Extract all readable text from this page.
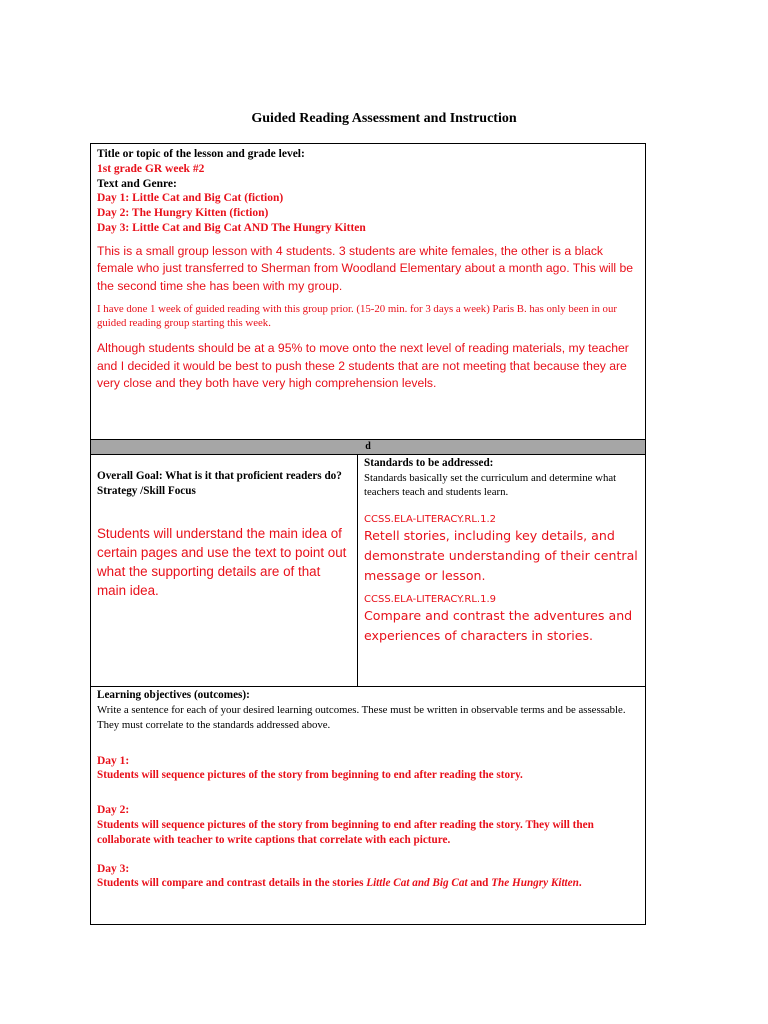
Guided Reading Assessment and Instruction
Title or topic of the lesson and grade level:
1st grade GR week #2
Text and Genre:
Day 1: Little Cat and Big Cat (fiction)
Day 2: The Hungry Kitten (fiction)
Day 3: Little Cat and Big Cat AND The Hungry Kitten
This is a small group lesson with 4 students. 3 students are white females, the other is a black female who just transferred to Sherman from Woodland Elementary about a month ago. This will be the second time she has been with my group.
I have done 1 week of guided reading with this group prior. (15-20 min. for 3 days a week) Paris B. has only been in our guided reading group starting this week.
Although students should be at a 95% to move onto the next level of reading materials, my teacher and I decided it would be best to push these 2 students that are not meeting that because they are very close and they both have very high comprehension levels.
d
Overall Goal: What is it that proficient readers do? Strategy /Skill Focus
Students will understand the main idea of certain pages and use the text to point out what the supporting details are of that main idea.
Standards to be addressed:
Standards basically set the curriculum and determine what teachers teach and students learn.
CCSS.ELA-LITERACY.RL.1.2
Retell stories, including key details, and demonstrate understanding of their central message or lesson.
CCSS.ELA-LITERACY.RL.1.9
Compare and contrast the adventures and experiences of characters in stories.
Learning objectives (outcomes):
Write a sentence for each of your desired learning outcomes. These must be written in observable terms and be assessable. They must correlate to the standards addressed above.
Day 1:
Students will sequence pictures of the story from beginning to end after reading the story.
Day 2:
Students will sequence pictures of the story from beginning to end after reading the story. They will then collaborate with teacher to write captions that correlate with each picture.
Day 3:
Students will compare and contrast details in the stories Little Cat and Big Cat and The Hungry Kitten.
